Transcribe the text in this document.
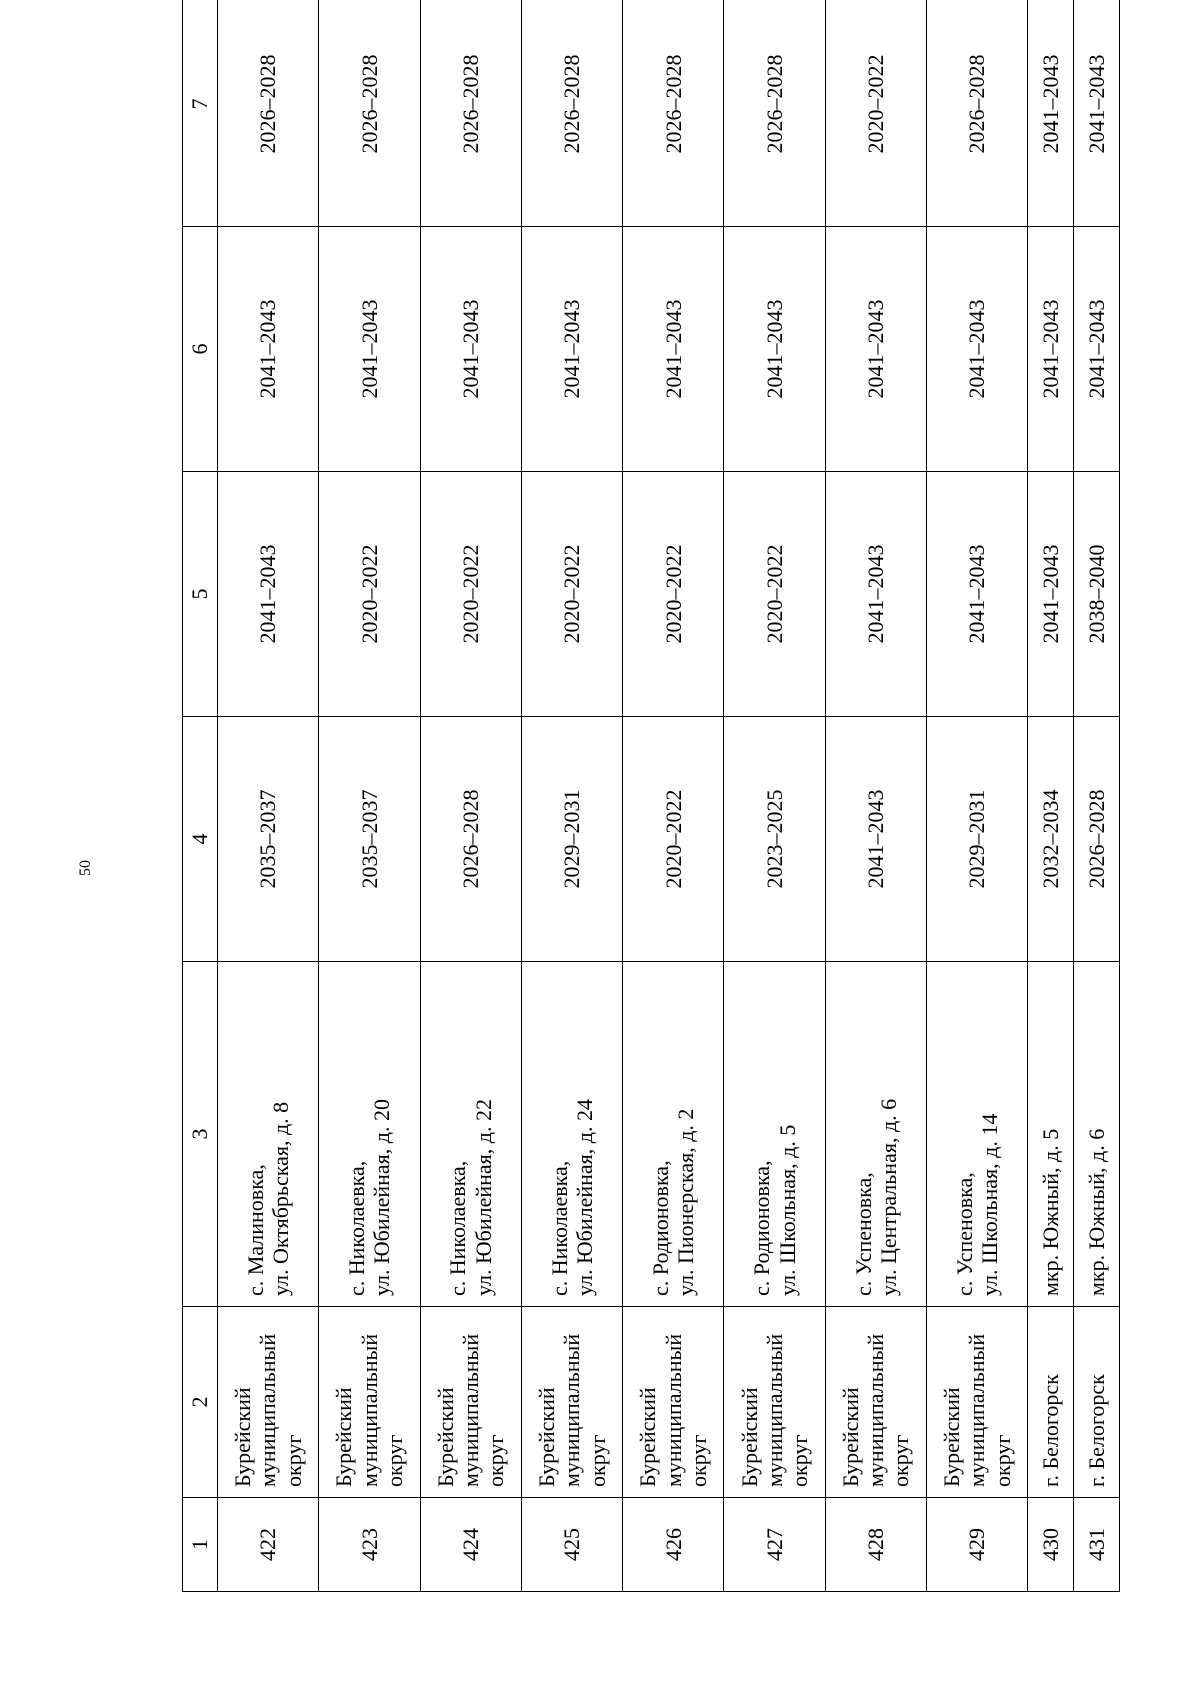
50
1	2	3	4	5	6	7
422	Бурейский муниципальный округ	с. Малиновка, ул. Октябрьская, д. 8	2035–2037	2041–2043	2041–2043	2026–2028
423	Бурейский муниципальный округ	с. Николаевка, ул. Юбилейная, д. 20	2035–2037	2020–2022	2041–2043	2026–2028
424	Бурейский муниципальный округ	с. Николаевка, ул. Юбилейная, д. 22	2026–2028	2020–2022	2041–2043	2026–2028
425	Бурейский муниципальный округ	с. Николаевка, ул. Юбилейная, д. 24	2029–2031	2020–2022	2041–2043	2026–2028
426	Бурейский муниципальный округ	с. Родионовка, ул. Пионерская, д. 2	2020–2022	2020–2022	2041–2043	2026–2028
427	Бурейский муниципальный округ	с. Родионовка, ул. Школьная, д. 5	2023–2025	2020–2022	2041–2043	2026–2028
428	Бурейский муниципальный округ	с. Успеновка, ул. Центральная, д. 6	2041–2043	2041–2043	2041–2043	2020–2022
429	Бурейский муниципальный округ	с. Успеновка, ул. Школьная, д. 14	2029–2031	2041–2043	2041–2043	2026–2028
430	г. Белогорск	мкр. Южный, д. 5	2032–2034	2041–2043	2041–2043	2041–2043
431	г. Белогорск	мкр. Южный, д. 6	2026–2028	2038–2040	2041–2043	2041–2043
